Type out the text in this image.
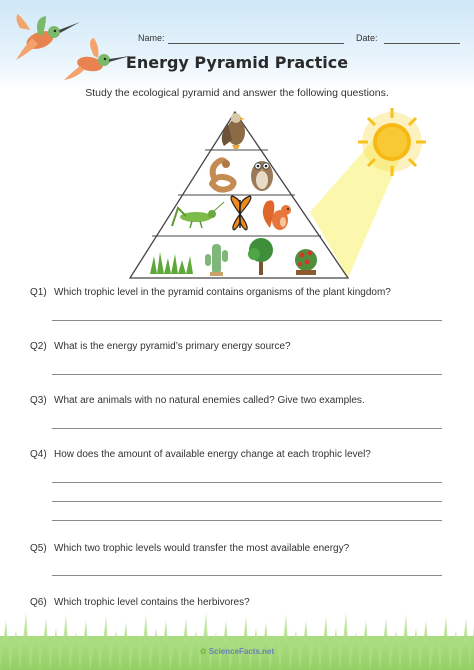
Name:	Date:
Energy Pyramid Practice
Study the ecological pyramid and answer the following questions.
Q1) Which trophic level in the pyramid contains organisms of the plant kingdom?
Q2) What is the energy pyramid’s primary energy source?
Q3) What are animals with no natural enemies called? Give two examples.
Q4) How does the amount of available energy change at each trophic level?
Q5) Which two trophic levels would transfer the most available energy?
Q6) Which trophic level contains the herbivores?
✿ ScienceFacts.net
